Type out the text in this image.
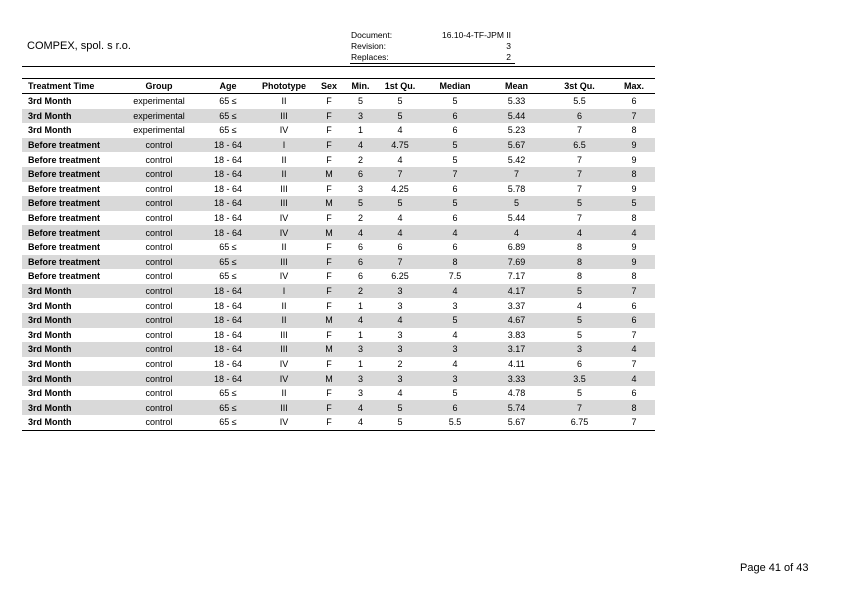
COMPEX, spol. s r.o.
Document:	16.10-4-TF-JPM II
Revision:	3
Replaces:	2
Treatment Time	Group	Age	Phototype	Sex	Min.	1st Qu.	Median	Mean	3st Qu.	Max.
3rd Month	experimental	65 ≤	II	F	5	5	5	5.33	5.5	6
3rd Month	experimental	65 ≤	III	F	3	5	6	5.44	6	7
3rd Month	experimental	65 ≤	IV	F	1	4	6	5.23	7	8
Before treatment	control	18 - 64	I	F	4	4.75	5	5.67	6.5	9
Before treatment	control	18 - 64	II	F	2	4	5	5.42	7	9
Before treatment	control	18 - 64	II	M	6	7	7	7	7	8
Before treatment	control	18 - 64	III	F	3	4.25	6	5.78	7	9
Before treatment	control	18 - 64	III	M	5	5	5	5	5	5
Before treatment	control	18 - 64	IV	F	2	4	6	5.44	7	8
Before treatment	control	18 - 64	IV	M	4	4	4	4	4	4
Before treatment	control	65 ≤	II	F	6	6	6	6.89	8	9
Before treatment	control	65 ≤	III	F	6	7	8	7.69	8	9
Before treatment	control	65 ≤	IV	F	6	6.25	7.5	7.17	8	8
3rd Month	control	18 - 64	I	F	2	3	4	4.17	5	7
3rd Month	control	18 - 64	II	F	1	3	3	3.37	4	6
3rd Month	control	18 - 64	II	M	4	4	5	4.67	5	6
3rd Month	control	18 - 64	III	F	1	3	4	3.83	5	7
3rd Month	control	18 - 64	III	M	3	3	3	3.17	3	4
3rd Month	control	18 - 64	IV	F	1	2	4	4.11	6	7
3rd Month	control	18 - 64	IV	M	3	3	3	3.33	3.5	4
3rd Month	control	65 ≤	II	F	3	4	5	4.78	5	6
3rd Month	control	65 ≤	III	F	4	5	6	5.74	7	8
3rd Month	control	65 ≤	IV	F	4	5	5.5	5.67	6.75	7
Page 41 of 43
